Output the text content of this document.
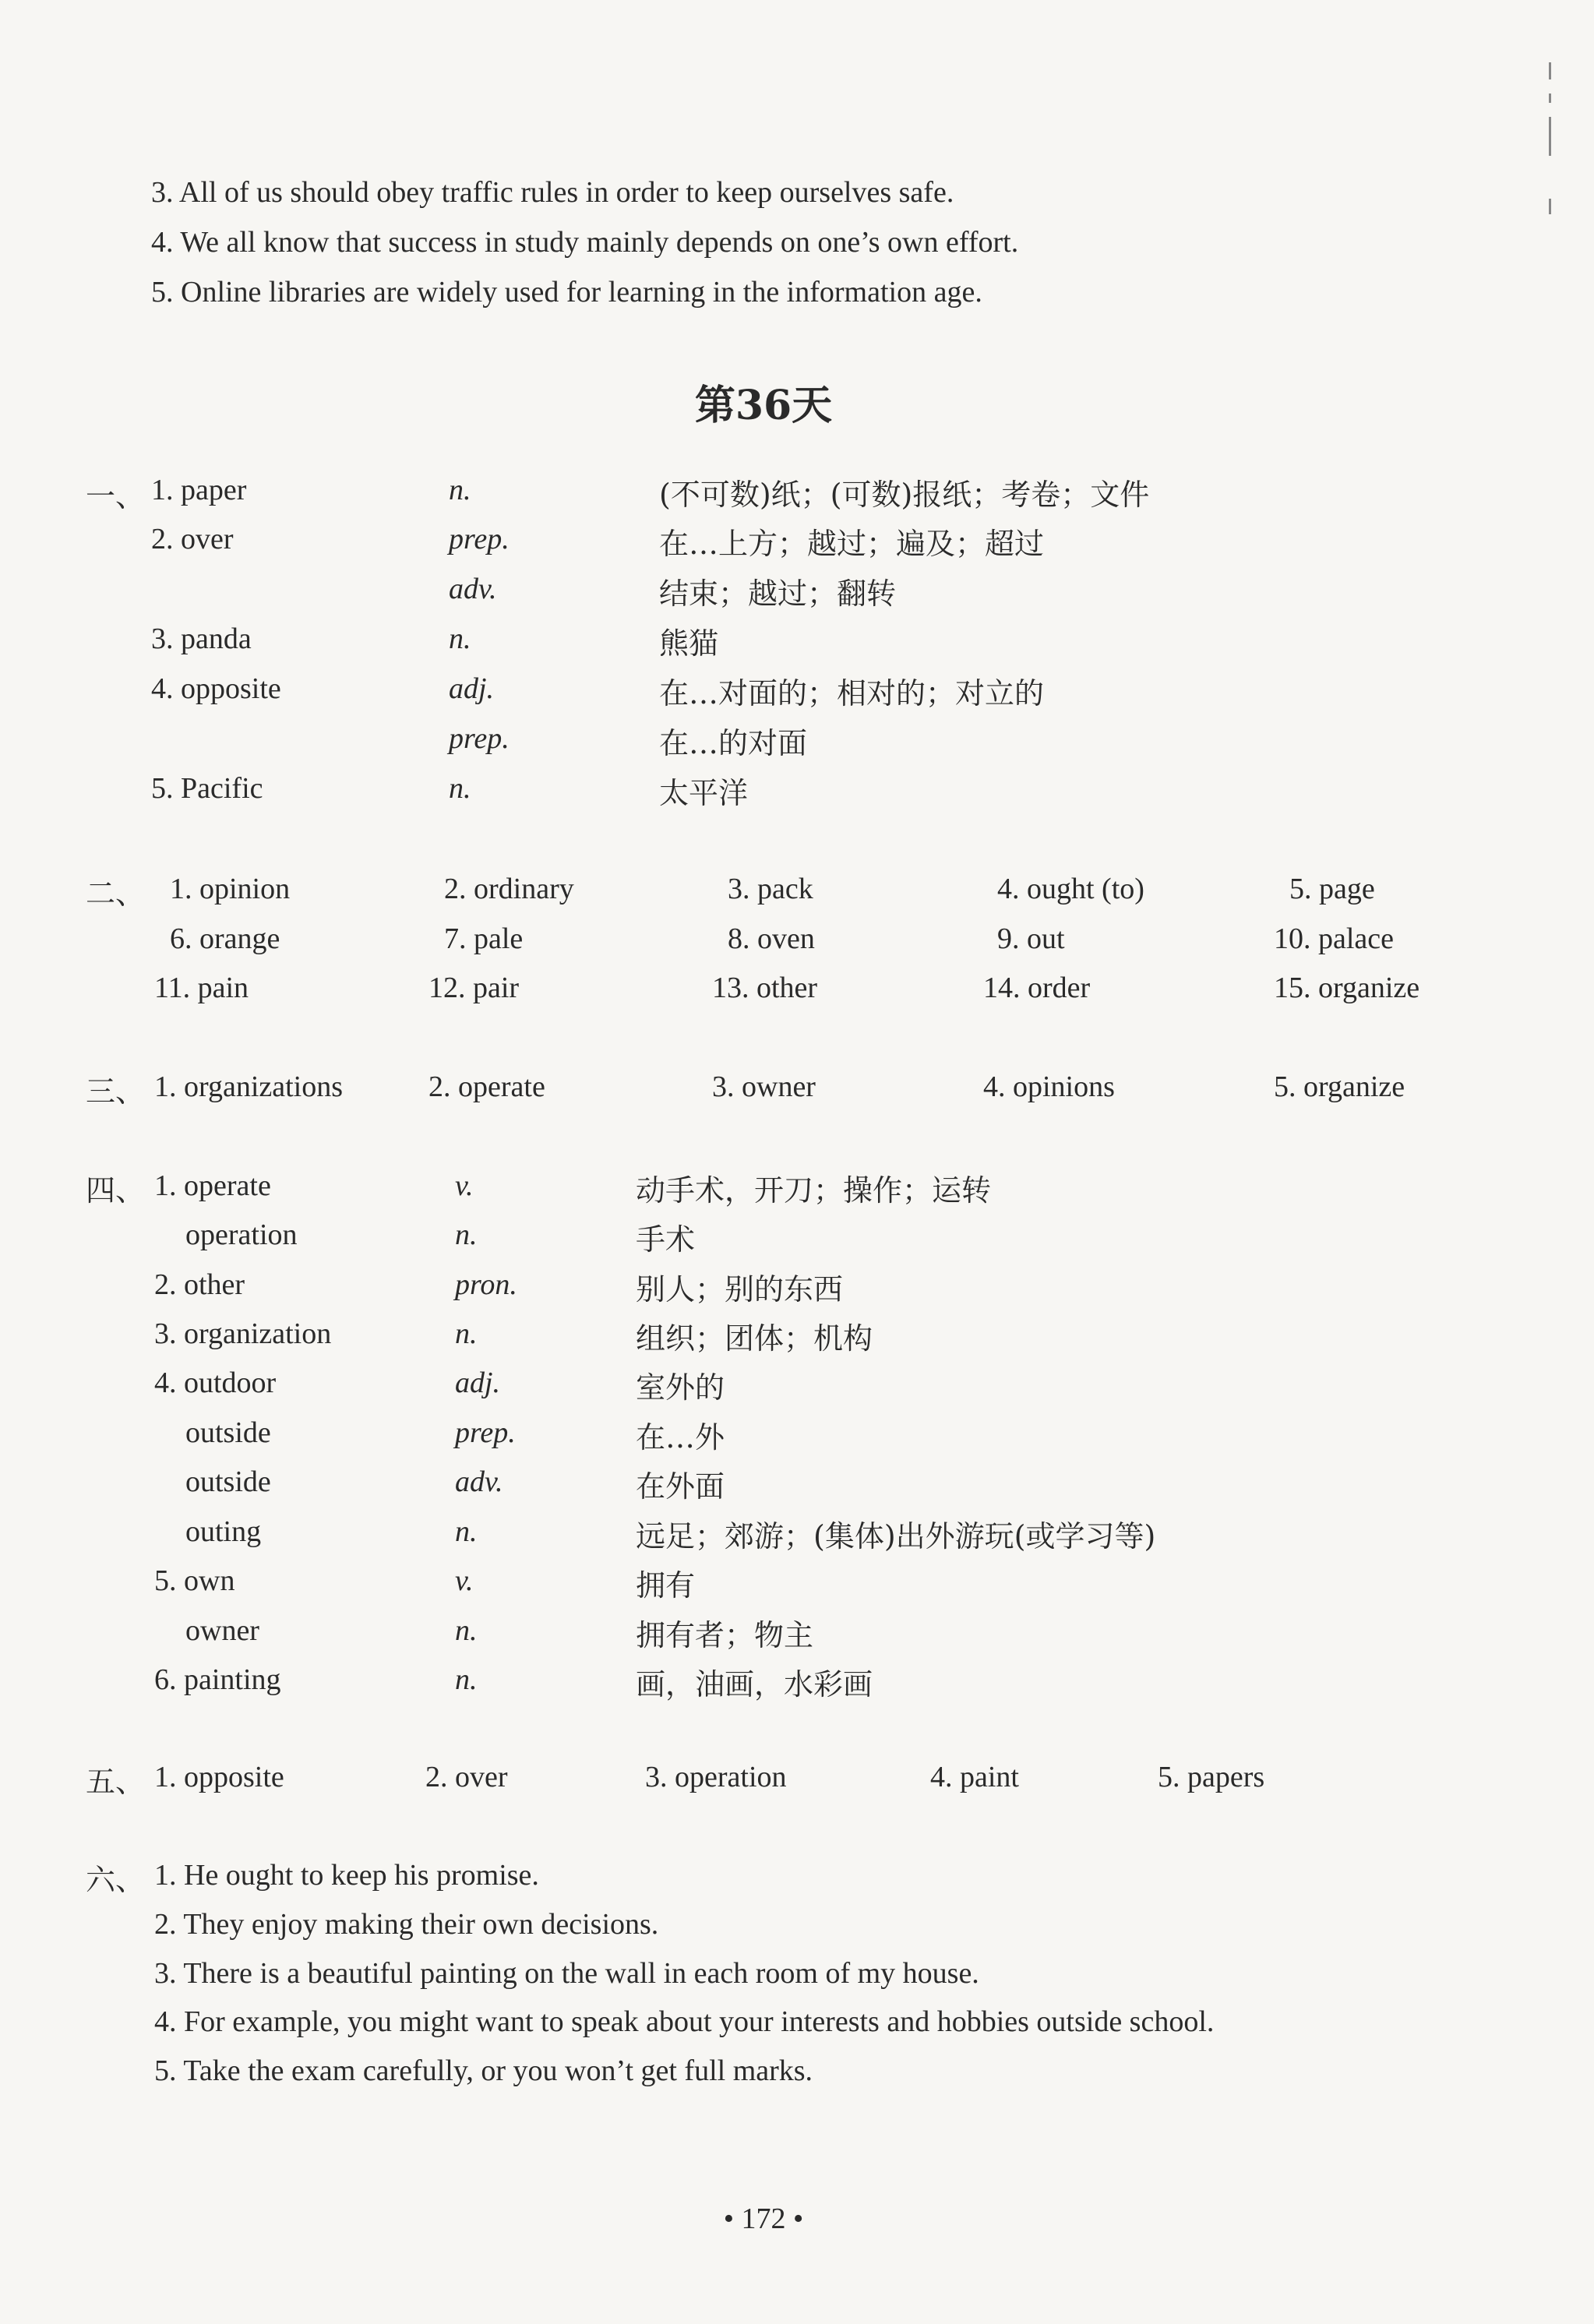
3. All of us should obey traffic rules in order to keep ourselves safe.
4. We all know that success in study mainly depends on one’s own effort.
5. Online libraries are widely used for learning in the information age.
第36天
一、 1. paper	n.	(不可数)纸；(可数)报纸；考卷；文件
2. over	prep.	在…上方；越过；遍及；超过
adv.	结束；越过；翻转
3. panda	n.	熊猫
4. opposite	adj.	在…对面的；相对的；对立的
prep.	在…的对面
5. Pacific	n.	太平洋
二、 1. opinion	2. ordinary	3. pack	4. ought (to)	5. page
6. orange	7. pale	8. oven	9. out	10. palace
11. pain	12. pair	13. other	14. order	15. organize
三、 1. organizations	2. operate	3. owner	4. opinions	5. organize
四、 1. operate	v.	动手术，开刀；操作；运转
operation	n.	手术
2. other	pron.	别人；别的东西
3. organization	n.	组织；团体；机构
4. outdoor	adj.	室外的
outside	prep.	在…外
outside	adv.	在外面
outing	n.	远足；郊游；(集体)出外游玩(或学习等)
5. own	v.	拥有
owner	n.	拥有者；物主
6. painting	n.	画，油画，水彩画
五、 1. opposite	2. over	3. operation	4. paint	5. papers
六、 1. He ought to keep his promise.
2. They enjoy making their own decisions.
3. There is a beautiful painting on the wall in each room of my house.
4. For example, you might want to speak about your interests and hobbies outside school.
5. Take the exam carefully, or you won’t get full marks.
• 172 •
